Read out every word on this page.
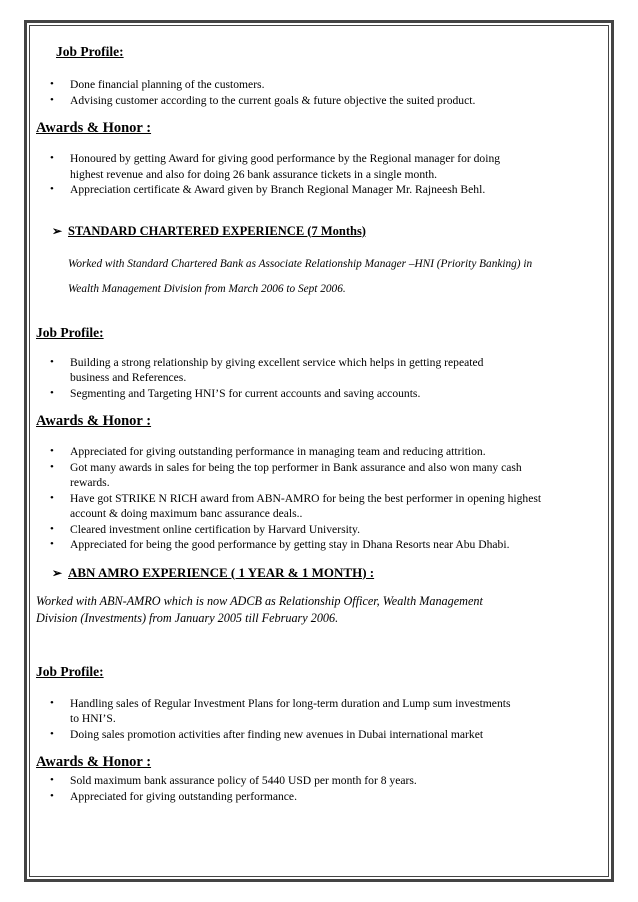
Job Profile:
• Done financial planning of the customers.
• Advising customer according to the current goals & future objective the suited product.
Awards & Honor :
• Honoured by getting Award for giving good performance by the Regional manager for doing
highest revenue and also for doing 26 bank assurance tickets in a single month.
• Appreciation certificate & Award given by Branch Regional Manager Mr. Rajneesh Behl.
➢ STANDARD CHARTERED EXPERIENCE (7 Months)
Worked with Standard Chartered Bank as Associate Relationship Manager –HNI (Priority Banking) in
Wealth Management Division from March 2006 to Sept 2006.
Job Profile:
• Building a strong relationship by giving excellent service which helps in getting repeated
business and References.
• Segmenting and Targeting HNI’S for current accounts and saving accounts.
Awards & Honor :
• Appreciated for giving outstanding performance in managing team and reducing attrition.
• Got many awards in sales for being the top performer in Bank assurance and also won many cash
rewards.
• Have got STRIKE N RICH award from ABN-AMRO for being the best performer in opening highest
account & doing maximum banc assurance deals..
• Cleared investment online certification by Harvard University.
• Appreciated for being the good performance by getting stay in Dhana Resorts near Abu Dhabi.
➢ ABN AMRO EXPERIENCE ( 1 YEAR & 1 MONTH) :
Worked with ABN-AMRO which is now ADCB as Relationship Officer, Wealth Management
Division (Investments) from January 2005 till February 2006.
Job Profile:
• Handling sales of Regular Investment Plans for long-term duration and Lump sum investments
to HNI’S.
• Doing sales promotion activities after finding new avenues in Dubai international market
Awards & Honor :
• Sold maximum bank assurance policy of 5440 USD per month for 8 years.
• Appreciated for giving outstanding performance.
